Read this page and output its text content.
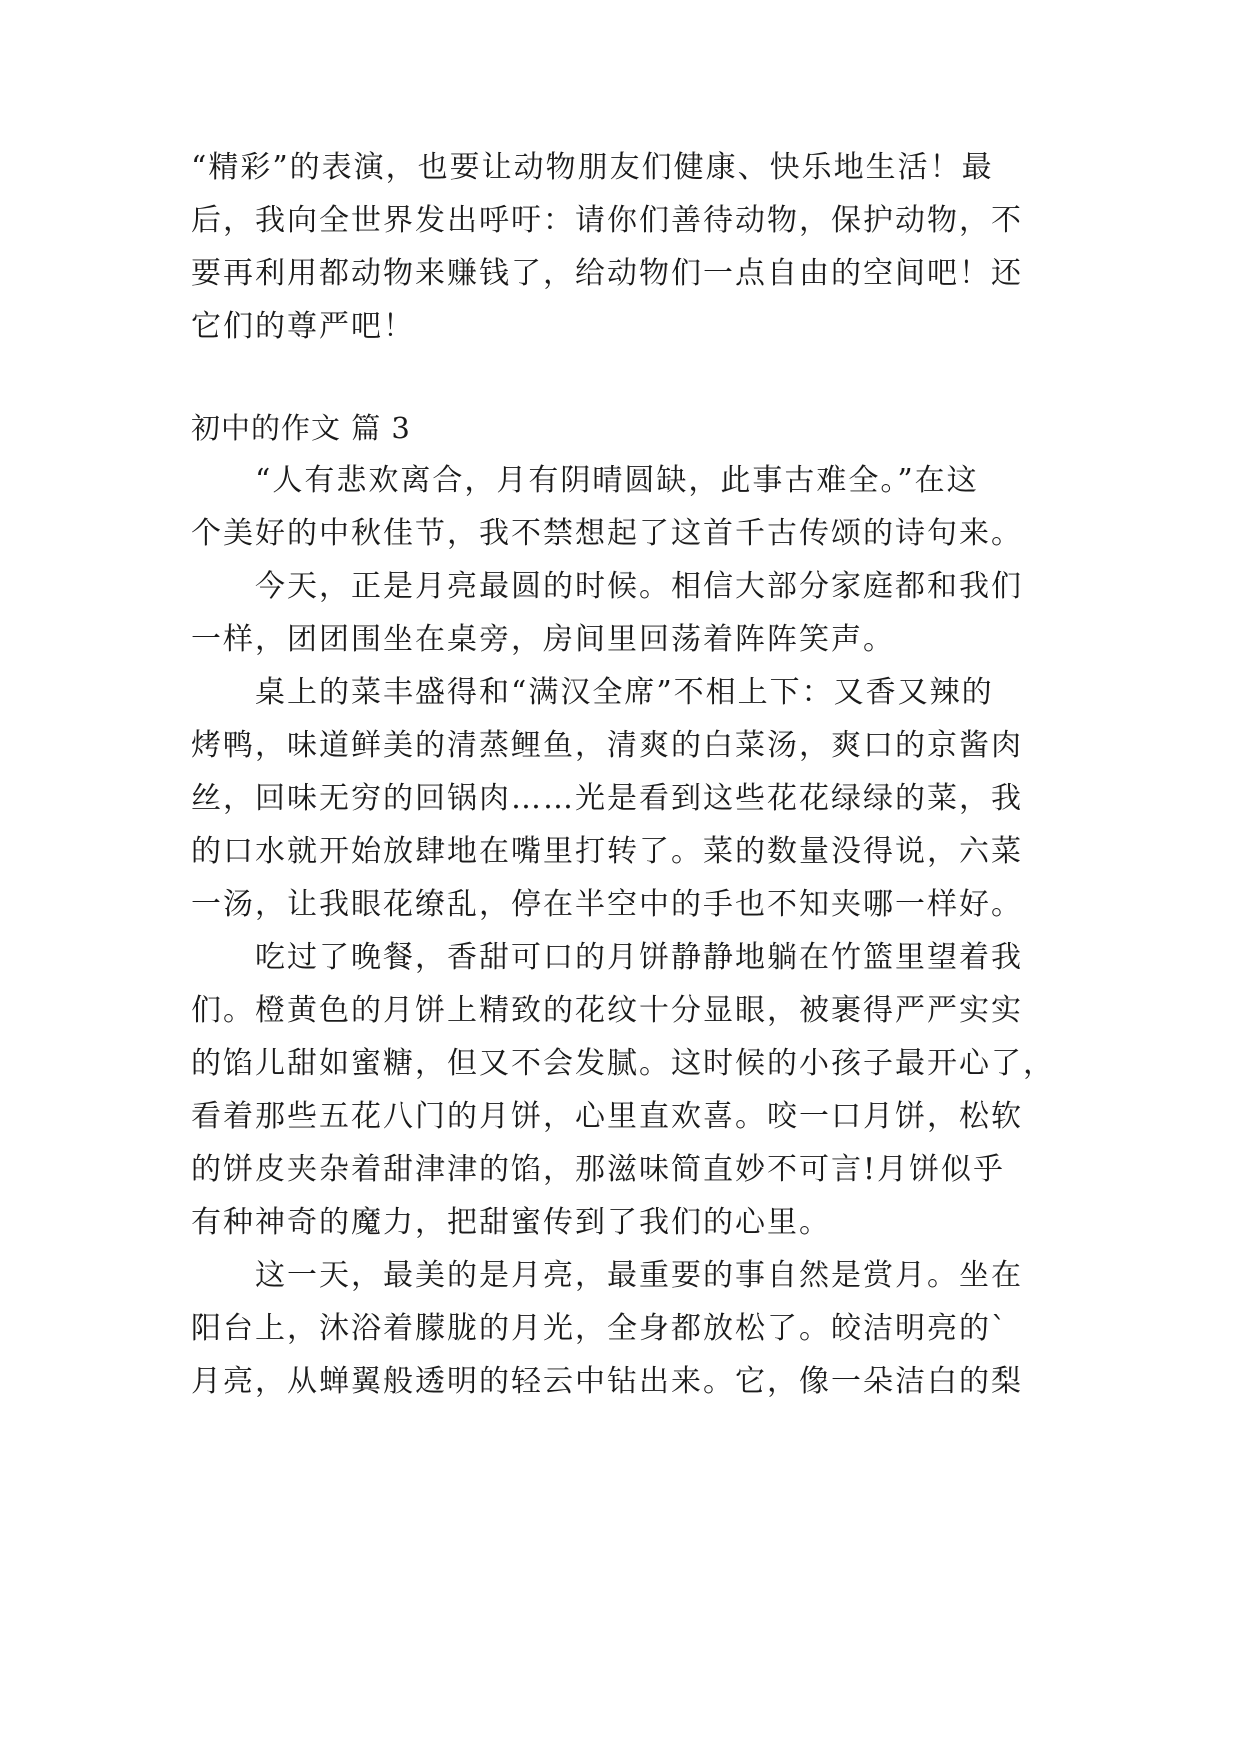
“精彩”的表演，也要让动物朋友们健康、快乐地生活！最
后，我向全世界发出呼吁：请你们善待动物，保护动物，不
要再利用都动物来赚钱了，给动物们一点自由的空间吧！还
它们的尊严吧！
初中的作文 篇 3
“人有悲欢离合，月有阴晴圆缺，此事古难全。”在这
个美好的中秋佳节，我不禁想起了这首千古传颂的诗句来。
今天，正是月亮最圆的时候。相信大部分家庭都和我们
一样，团团围坐在桌旁，房间里回荡着阵阵笑声。
桌上的菜丰盛得和“满汉全席”不相上下：又香又辣的
烤鸭，味道鲜美的清蒸鲤鱼，清爽的白菜汤，爽口的京酱肉
丝，回味无穷的回锅肉……光是看到这些花花绿绿的菜，我
的口水就开始放肆地在嘴里打转了。菜的数量没得说，六菜
一汤，让我眼花缭乱，停在半空中的手也不知夹哪一样好。
吃过了晚餐，香甜可口的月饼静静地躺在竹篮里望着我
们。橙黄色的月饼上精致的花纹十分显眼，被裹得严严实实
的馅儿甜如蜜糖，但又不会发腻。这时候的小孩子最开心了，
看着那些五花八门的月饼，心里直欢喜。咬一口月饼，松软
的饼皮夹杂着甜津津的馅，那滋味简直妙不可言!月饼似乎
有种神奇的魔力，把甜蜜传到了我们的心里。
这一天，最美的是月亮，最重要的事自然是赏月。坐在
阳台上，沐浴着朦胧的月光，全身都放松了。皎洁明亮的`
月亮，从蝉翼般透明的轻云中钻出来。它，像一朵洁白的梨
